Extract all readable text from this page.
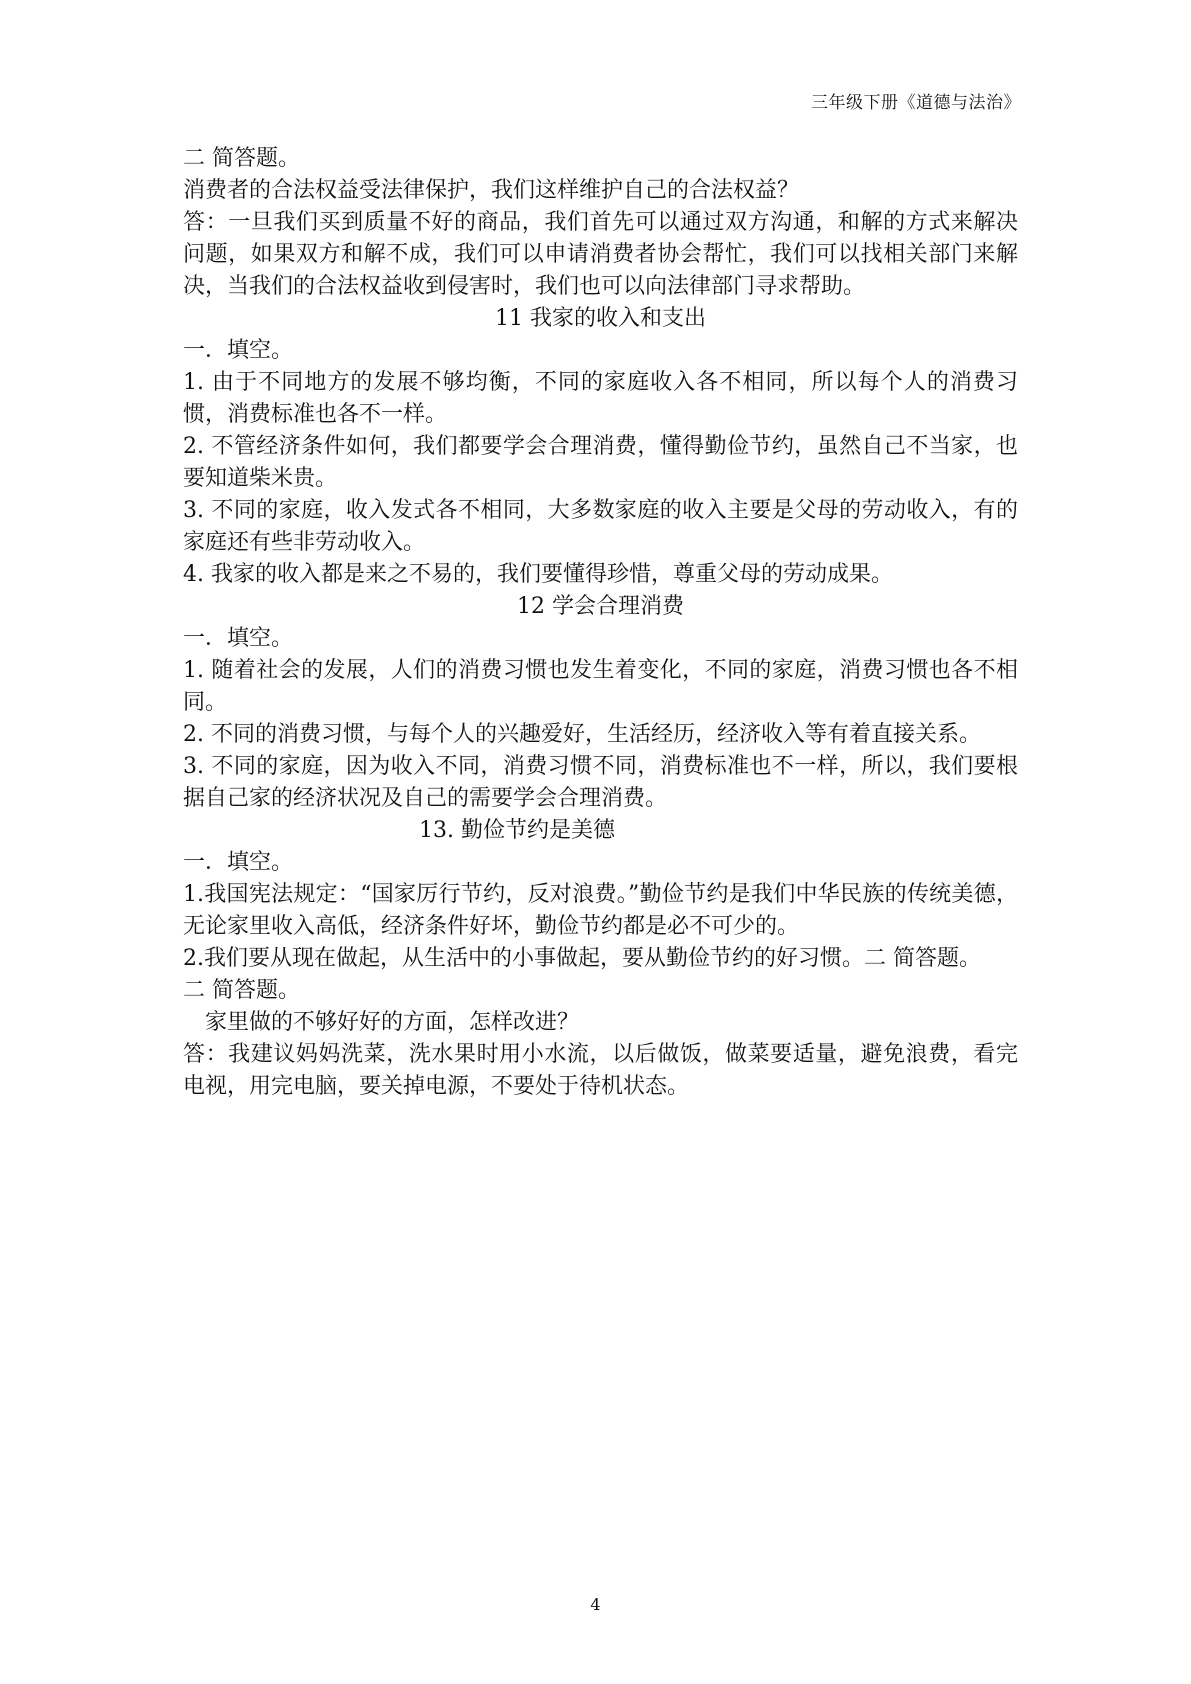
三年级下册《道德与法治》

二 简答题。

消费者的合法权益受法律保护，我们这样维护自己的合法权益？

答：一旦我们买到质量不好的商品，我们首先可以通过双方沟通，和解的方式来解决问题，如果双方和解不成，我们可以申请消费者协会帮忙，我们可以找相关部门来解决，当我们的合法权益收到侵害时，我们也可以向法律部门寻求帮助。

11 我家的收入和支出

一．填空。

1. 由于不同地方的发展不够均衡，不同的家庭收入各不相同，所以每个人的消费习惯，消费标准也各不一样。

2. 不管经济条件如何，我们都要学会合理消费，懂得勤俭节约，虽然自己不当家，也要知道柴米贵。

3. 不同的家庭，收入发式各不相同，大多数家庭的收入主要是父母的劳动收入，有的家庭还有些非劳动收入。

4. 我家的收入都是来之不易的，我们要懂得珍惜，尊重父母的劳动成果。

12 学会合理消费

一．填空。

1. 随着社会的发展，人们的消费习惯也发生着变化，不同的家庭，消费习惯也各不相同。

2. 不同的消费习惯，与每个人的兴趣爱好，生活经历，经济收入等有着直接关系。

3. 不同的家庭，因为收入不同，消费习惯不同，消费标准也不一样，所以，我们要根据自己家的经济状况及自己的需要学会合理消费。

13. 勤俭节约是美德

一．填空。

1.我国宪法规定：“国家厉行节约，反对浪费。”勤俭节约是我们中华民族的传统美德，无论家里收入高低，经济条件好坏，勤俭节约都是必不可少的。

2.我们要从现在做起，从生活中的小事做起，要从勤俭节约的好习惯。二 简答题。

二 简答题。

家里做的不够好好的方面，怎样改进？

答：我建议妈妈洗菜，洗水果时用小水流，以后做饭，做菜要适量，避免浪费，看完电视，用完电脑，要关掉电源，不要处于待机状态。

4
